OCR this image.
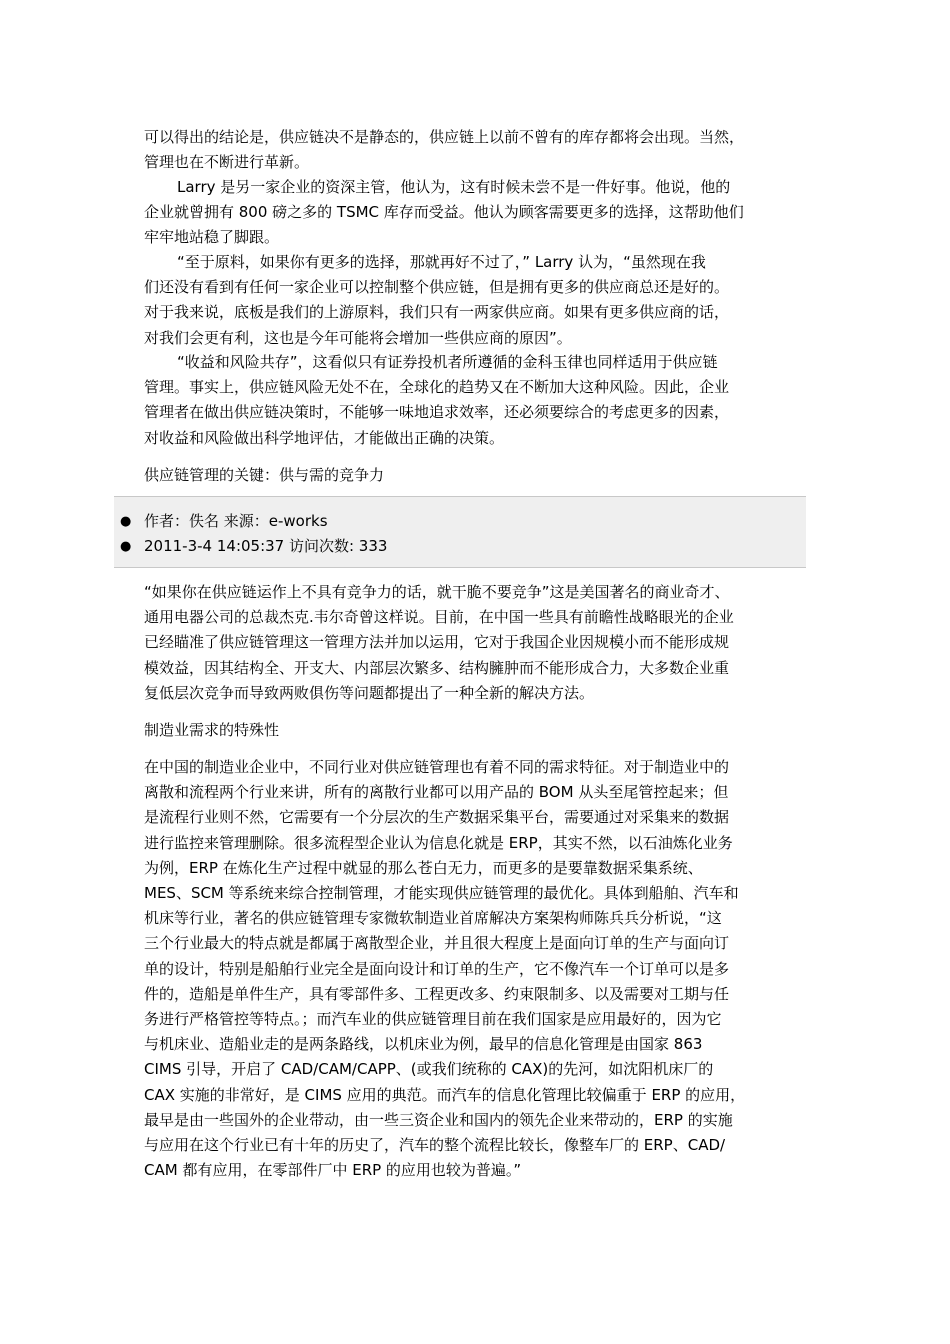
可以得出的结论是，供应链决不是静态的，供应链上以前不曾有的库存都将会出现。当然，
管理也在不断进行革新。
Larry 是另一家企业的资深主管，他认为，这有时候未尝不是一件好事。他说，他的
企业就曾拥有 800 磅之多的 TSMC 库存而受益。他认为顾客需要更多的选择，这帮助他们
牢牢地站稳了脚跟。
“至于原料，如果你有更多的选择，那就再好不过了，” Larry 认为，“虽然现在我
们还没有看到有任何一家企业可以控制整个供应链，但是拥有更多的供应商总还是好的。
对于我来说，底板是我们的上游原料，我们只有一两家供应商。如果有更多供应商的话，
对我们会更有利，这也是今年可能将会增加一些供应商的原因”。
“收益和风险共存”，这看似只有证券投机者所遵循的金科玉律也同样适用于供应链
管理。事实上，供应链风险无处不在，全球化的趋势又在不断加大这种风险。因此，企业
管理者在做出供应链决策时，不能够一味地追求效率，还必须要综合的考虑更多的因素，
对收益和风险做出科学地评估，才能做出正确的决策。
供应链管理的关键：供与需的竞争力
● 作者：佚名 来源：e-works
● 2011-3-4 14:05:37 访问次数: 333
“如果你在供应链运作上不具有竞争力的话，就干脆不要竞争”这是美国著名的商业奇才、
通用电器公司的总裁杰克.韦尔奇曾这样说。目前，在中国一些具有前瞻性战略眼光的企业
已经瞄准了供应链管理这一管理方法并加以运用，它对于我国企业因规模小而不能形成规
模效益，因其结构全、开支大、内部层次繁多、结构臃肿而不能形成合力，大多数企业重
复低层次竞争而导致两败俱伤等问题都提出了一种全新的解决方法。
制造业需求的特殊性
在中国的制造业企业中，不同行业对供应链管理也有着不同的需求特征。对于制造业中的
离散和流程两个行业来讲，所有的离散行业都可以用产品的 BOM 从头至尾管控起来；但
是流程行业则不然，它需要有一个分层次的生产数据采集平台，需要通过对采集来的数据
进行监控来管理删除。很多流程型企业认为信息化就是 ERP，其实不然，以石油炼化业务
为例，ERP 在炼化生产过程中就显的那么苍白无力，而更多的是要靠数据采集系统、
MES、SCM 等系统来综合控制管理，才能实现供应链管理的最优化。具体到船舶、汽车和
机床等行业，著名的供应链管理专家微软制造业首席解决方案架构师陈兵兵分析说，“这
三个行业最大的特点就是都属于离散型企业，并且很大程度上是面向订单的生产与面向订
单的设计，特别是船舶行业完全是面向设计和订单的生产，它不像汽车一个订单可以是多
件的，造船是单件生产，具有零部件多、工程更改多、约束限制多、以及需要对工期与任
务进行严格管控等特点。；而汽车业的供应链管理目前在我们国家是应用最好的，因为它
与机床业、造船业走的是两条路线，以机床业为例，最早的信息化管理是由国家 863
CIMS 引导，开启了 CAD/CAM/CAPP、(或我们统称的 CAX)的先河，如沈阳机床厂的
CAX 实施的非常好，是 CIMS 应用的典范。而汽车的信息化管理比较偏重于 ERP 的应用，
最早是由一些国外的企业带动，由一些三资企业和国内的领先企业来带动的，ERP 的实施
与应用在这个行业已有十年的历史了，汽车的整个流程比较长，像整车厂的 ERP、CAD/
CAM 都有应用，在零部件厂中 ERP 的应用也较为普遍。”
